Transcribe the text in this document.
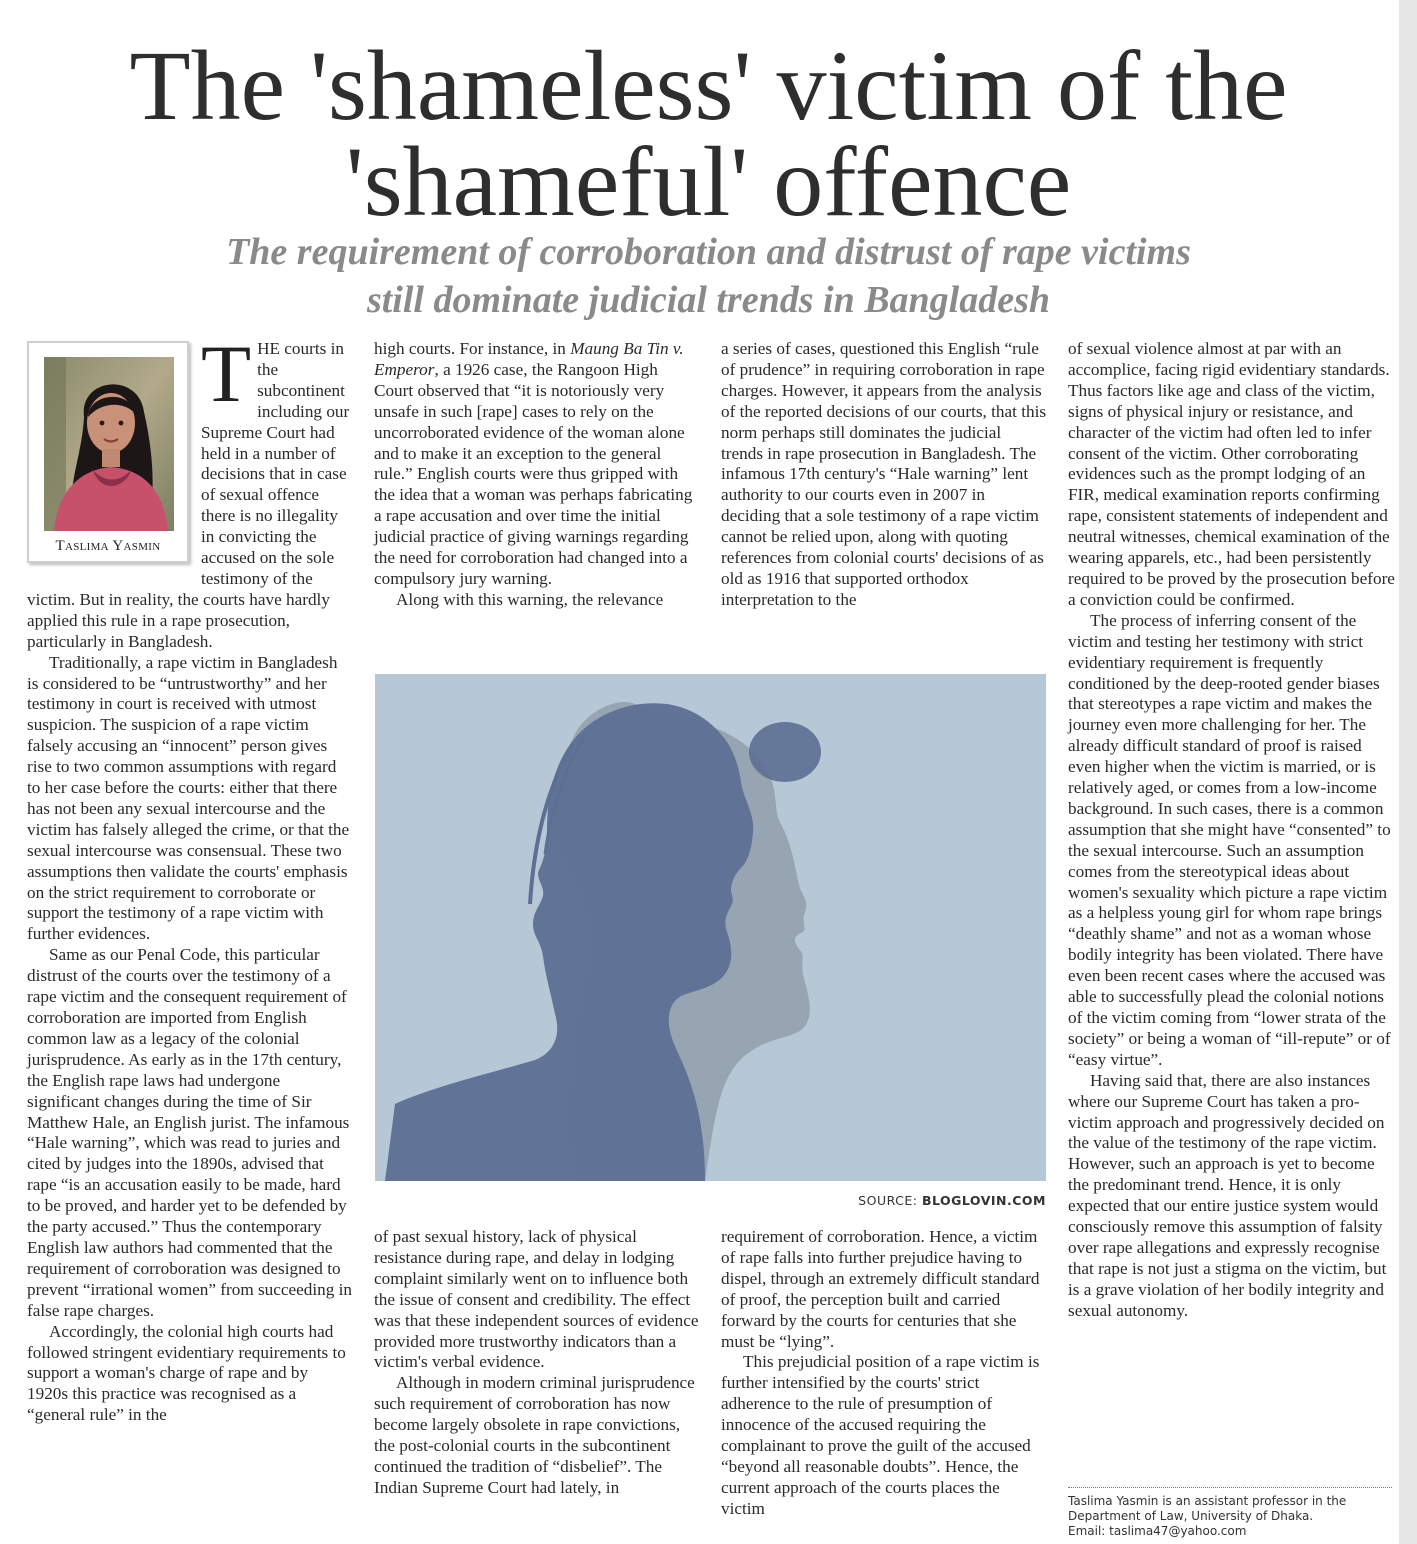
The 'shameless' victim of the
'shameful' offence
The requirement of corroboration and distrust of rape victims
still dominate judicial trends in Bangladesh
Taslima Yasmin
T HE courts in the subcontinent including our Supreme Court had held in a number of decisions that in case of sexual offence there is no illegality in convicting the accused on the sole testimony of the victim. But in reality, the courts have hardly applied this rule in a rape prosecution, particularly in Bangladesh.

Traditionally, a rape victim in Bangladesh is considered to be “untrustworthy” and her testimony in court is received with utmost suspicion. The suspicion of a rape victim falsely accusing an “innocent” person gives rise to two common assumptions with regard to her case before the courts: either that there has not been any sexual intercourse and the victim has falsely alleged the crime, or that the sexual intercourse was consensual. These two assumptions then validate the courts' emphasis on the strict requirement to corroborate or support the testimony of a rape victim with further evidences.

Same as our Penal Code, this particular distrust of the courts over the testimony of a rape victim and the consequent requirement of corroboration are imported from English common law as a legacy of the colonial jurisprudence. As early as in the 17th century, the English rape laws had undergone significant changes during the time of Sir Matthew Hale, an English jurist. The infamous “Hale warning”, which was read to juries and cited by judges into the 1890s, advised that rape “is an accusation easily to be made, hard to be proved, and harder yet to be defended by the party accused.” Thus the contemporary English law authors had commented that the requirement of corroboration was designed to prevent “irrational women” from succeeding in false rape charges.

Accordingly, the colonial high courts had followed stringent evidentiary requirements to support a woman's charge of rape and by 1920s this practice was recognised as a “general rule” in the

high courts. For instance, in Maung Ba Tin v. Emperor, a 1926 case, the Rangoon High Court observed that “it is notoriously very unsafe in such [rape] cases to rely on the uncorroborated evidence of the woman alone and to make it an exception to the general rule.” English courts were thus gripped with the idea that a woman was perhaps fabricating a rape accusation and over time the initial judicial practice of giving warnings regarding the need for corroboration had changed into a compulsory jury warning.

Along with this warning, the relevance

a series of cases, questioned this English “rule of prudence” in requiring corroboration in rape charges. However, it appears from the analysis of the reported decisions of our courts, that this norm perhaps still dominates the judicial trends in rape prosecution in Bangladesh. The infamous 17th century's “Hale warning” lent authority to our courts even in 2007 in deciding that a sole testimony of a rape victim cannot be relied upon, along with quoting references from colonial courts' decisions of as old as 1916 that supported orthodox interpretation to the

SOURCE: BLOGLOVIN.COM

of past sexual history, lack of physical resistance during rape, and delay in lodging complaint similarly went on to influence both the issue of consent and credibility. The effect was that these independent sources of evidence provided more trustworthy indicators than a victim's verbal evidence.

Although in modern criminal jurisprudence such requirement of corroboration has now become largely obsolete in rape convictions, the post-colonial courts in the subcontinent continued the tradition of “disbelief”. The Indian Supreme Court had lately, in

requirement of corroboration. Hence, a victim of rape falls into further prejudice having to dispel, through an extremely difficult standard of proof, the perception built and carried forward by the courts for centuries that she must be “lying”.

This prejudicial position of a rape victim is further intensified by the courts' strict adherence to the rule of presumption of innocence of the accused requiring the complainant to prove the guilt of the accused “beyond all reasonable doubts”. Hence, the current approach of the courts places the victim

of sexual violence almost at par with an accomplice, facing rigid evidentiary standards. Thus factors like age and class of the victim, signs of physical injury or resistance, and character of the victim had often led to infer consent of the victim. Other corroborating evidences such as the prompt lodging of an FIR, medical examination reports confirming rape, consistent statements of independent and neutral witnesses, chemical examination of the wearing apparels, etc., had been persistently required to be proved by the prosecution before a conviction could be confirmed.

The process of inferring consent of the victim and testing her testimony with strict evidentiary requirement is frequently conditioned by the deep-rooted gender biases that stereotypes a rape victim and makes the journey even more challenging for her. The already difficult standard of proof is raised even higher when the victim is married, or is relatively aged, or comes from a low-income background. In such cases, there is a common assumption that she might have “consented” to the sexual intercourse. Such an assumption comes from the stereotypical ideas about women's sexuality which picture a rape victim as a helpless young girl for whom rape brings “deathly shame” and not as a woman whose bodily integrity has been violated. There have even been recent cases where the accused was able to successfully plead the colonial notions of the victim coming from “lower strata of the society” or being a woman of “ill-repute” or of “easy virtue”.

Having said that, there are also instances where our Supreme Court has taken a pro-victim approach and progressively decided on the value of the testimony of the rape victim. However, such an approach is yet to become the predominant trend. Hence, it is only expected that our entire justice system would consciously remove this assumption of falsity over rape allegations and expressly recognise that rape is not just a stigma on the victim, but is a grave violation of her bodily integrity and sexual autonomy.

Taslima Yasmin is an assistant professor in the
Department of Law, University of Dhaka.
Email: taslima47@yahoo.com
